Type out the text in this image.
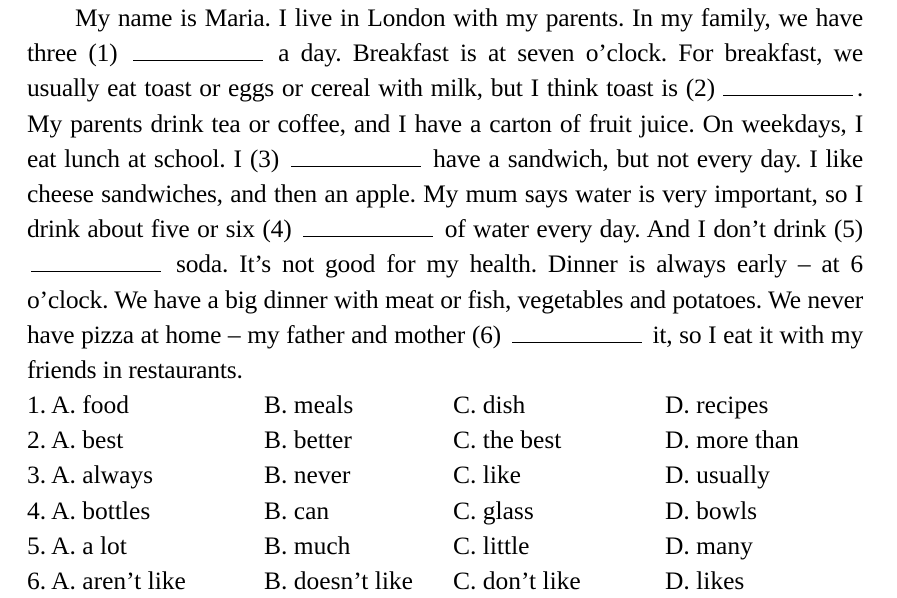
My name is Maria. I live in London with my parents. In my family, we have three (1)	a day. Breakfast is at seven o’clock. For breakfast, we usually eat toast or eggs or cereal with milk, but I think toast is (2)	. My parents drink tea or coffee, and I have a carton of fruit juice. On weekdays, I eat lunch at school. I (3)	have a sandwich, but not every day. I like cheese sandwiches, and then an apple. My mum says water is very important, so I drink about five or six (4)	of water every day. And I don’t drink (5)  soda. It’s not good for my health. Dinner is always early – at 6 o’clock. We have a big dinner with meat or fish, vegetables and potatoes. We never have pizza at home – my father and mother (6)	it, so I eat it with my friends in restaurants.

1. A. food	B. meals	C. dish	D. recipes
2. A. best	B. better	C. the best	D. more than
3. A. always	B. never	C. like	D. usually
4. A. bottles	B. can	C. glass	D. bowls
5. A. a lot	B. much	C. little	D. many
6. A. aren’t like	B. doesn’t like C. don’t like	D. likes
